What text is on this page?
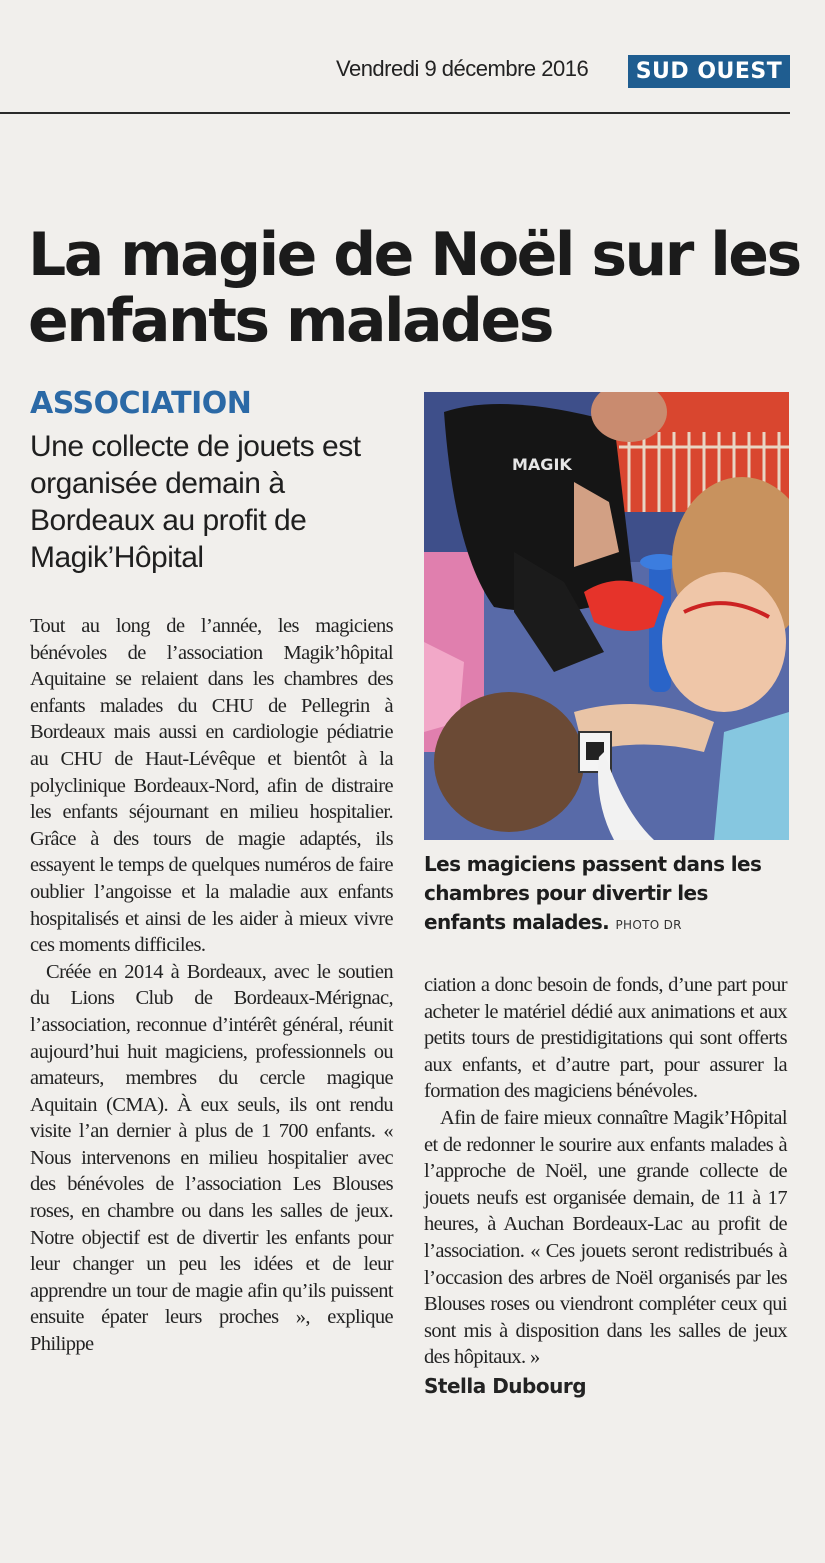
Vendredi 9 décembre 2016	SUD OUEST
La magie de Noël sur les enfants malades
ASSOCIATION
Une collecte de jouets est organisée demain à Bordeaux au profit de Magik’Hôpital

Tout au long de l’année, les magiciens bénévoles de l’association Magik’hôpital Aquitaine se relaient dans les chambres des enfants malades du CHU de Pellegrin à Bordeaux mais aussi en cardiologie pédiatrie au CHU de Haut-Lévêque et bientôt à la polyclinique Bordeaux-Nord, afin de distraire les enfants séjournant en milieu hospitalier. Grâce à des tours de magie adaptés, ils essayent le temps de quelques numéros de faire oublier l’angoisse et la maladie aux enfants hospitalisés et ainsi de les aider à mieux vivre ces moments difficiles.

Créée en 2014 à Bordeaux, avec le soutien du Lions Club de Bordeaux-Mérignac, l’association, reconnue d’intérêt général, réunit aujourd’hui huit magiciens, professionnels ou amateurs, membres du cercle magique Aquitain (CMA). À eux seuls, ils ont rendu visite l’an dernier à plus de 1 700 enfants. « Nous intervenons en milieu hospitalier avec des bénévoles de l’association Les Blouses roses, en chambre ou dans les salles de jeux. Notre objectif est de divertir les enfants pour leur changer un peu les idées et de leur apprendre un tour de magie afin qu’ils puissent ensuite épater leurs proches », explique Philippe

MAGIK
Les magiciens passent dans les chambres pour divertir les enfants malades. PHOTO DR

ciation a donc besoin de fonds, d’une part pour acheter le matériel dédié aux animations et aux petits tours de prestidigitations qui sont offerts aux enfants, et d’autre part, pour assurer la formation des magiciens bénévoles.

Afin de faire mieux connaître Magik’Hôpital et de redonner le sourire aux enfants malades à l’approche de Noël, une grande collecte de jouets neufs est organisée demain, de 11 à 17 heures, à Auchan Bordeaux-Lac au profit de l’association. « Ces jouets seront redistribués à l’occasion des arbres de Noël organisés par les Blouses roses ou viendront compléter ceux qui sont mis à disposition dans les salles de jeux des hôpitaux. »

Stella Dubourg
